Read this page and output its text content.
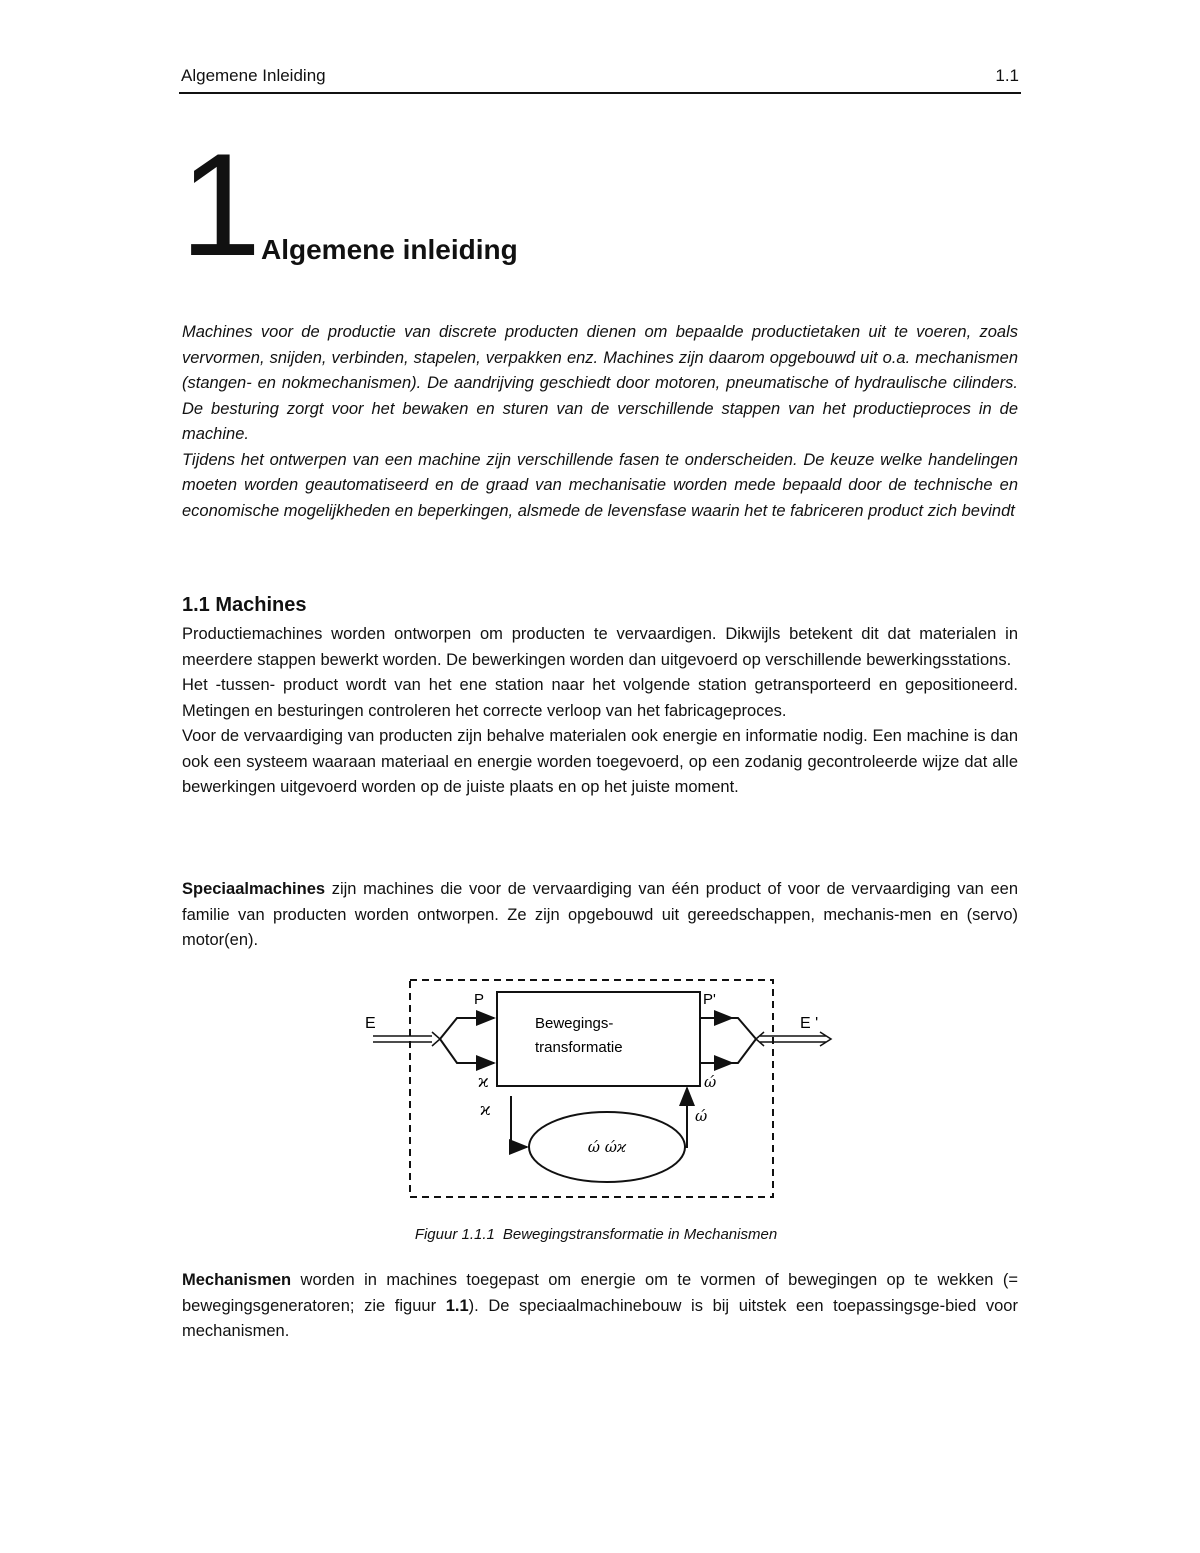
Algemene Inleiding	1.1
1 Algemene inleiding

Machines voor de productie van discrete producten dienen om bepaalde productietaken uit te voeren, zoals vervormen, snijden, verbinden, stapelen, verpakken enz. Machines zijn daarom opgebouwd uit o.a. mechanismen (stangen- en nokmechanismen). De aandrijving geschiedt door motoren, pneumatische of hydraulische cilinders. De besturing zorgt voor het bewaken en sturen van de verschillende stappen van het productieproces in de machine.

Tijdens het ontwerpen van een machine zijn verschillende fasen te onderscheiden. De keuze welke handelingen moeten worden geautomatiseerd en de graad van mechanisatie worden mede bepaald door de technische en economische mogelijkheden en beperkingen, alsmede de levensfase waarin het te fabriceren product zich bevindt

1.1 Machines

Productiemachines worden ontworpen om producten te vervaardigen. Dikwijls betekent dit dat materialen in meerdere stappen bewerkt worden. De bewerkingen worden dan uitgevoerd op verschillende bewerkingsstations.

Het -tussen- product wordt van het ene station naar het volgende station getransporteerd en gepositioneerd. Metingen en besturingen controleren het correcte verloop van het fabricageproces.

Voor de vervaardiging van producten zijn behalve materialen ook energie en informatie nodig. Een machine is dan ook een systeem waaraan materiaal en energie worden toegevoerd, op een zodanig gecontroleerde wijze dat alle bewerkingen uitgevoerd worden op de juiste plaats en op het juiste moment.

Speciaalmachines zijn machines die voor de vervaardiging van één product of voor de vervaardiging van een familie van producten worden ontworpen. Ze zijn opgebouwd uit gereedschappen, mechanis-men en (servo) motor(en).

Bewegings-
transformatie
E
P	P'
E '
ώ ώϰ
ϰ	ώ
ϰ	ώ
Figuur 1.1.1 Bewegingstransformatie in Mechanismen

Mechanismen worden in machines toegepast om energie om te vormen of bewegingen op te wekken (= bewegingsgeneratoren; zie figuur 1.1). De speciaalmachinebouw is bij uitstek een toepassingsge-bied voor mechanismen.
